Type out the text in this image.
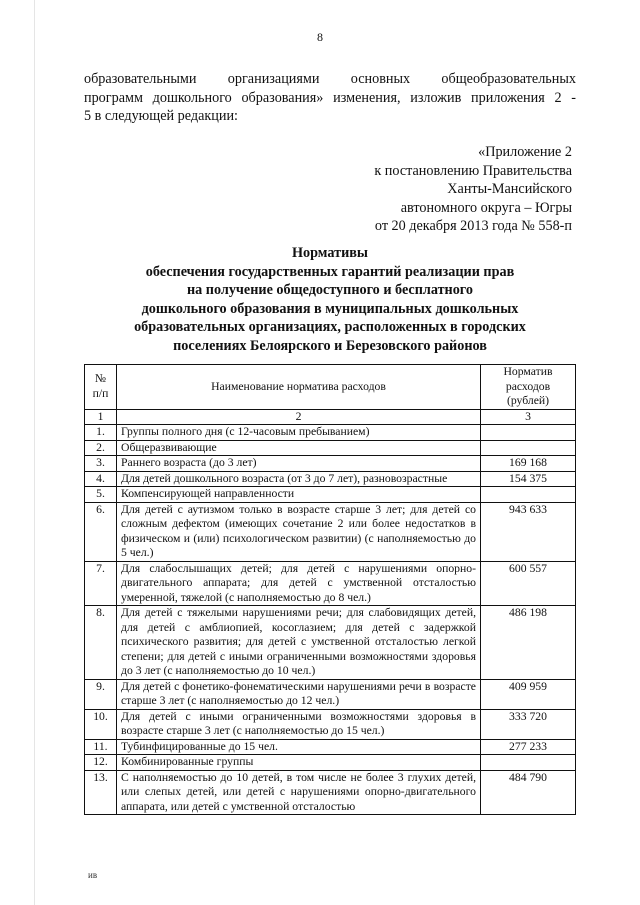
8
образовательными организациями основных общеобразовательных
программ дошкольного образования» изменения, изложив приложения 2 -
5 в следующей редакции:
«Приложение 2
к постановлению Правительства
Ханты-Мансийского
автономного округа – Югры
от 20 декабря 2013 года № 558-п
Нормативы
обеспечения государственных гарантий реализации прав
на получение общедоступного и бесплатного
дошкольного образования в муниципальных дошкольных
образовательных организациях, расположенных в городских
поселениях Белоярского и Березовского районов
№ п/п	Наименование норматива расходов	Норматив расходов (рублей)
1	2	3
1.	Группы полного дня (с 12-часовым пребыванием)	
2.	Общеразвивающие	
3.	Раннего возраста (до 3 лет)	169 168
4.	Для детей дошкольного возраста (от 3 до 7 лет), разновозрастные	154 375
5.	Компенсирующей направленности	
6.	Для детей с аутизмом только в возрасте старше 3 лет; для детей со сложным дефектом (имеющих сочетание 2 или более недостатков в физическом и (или) психологическом развитии) (с наполняемостью до 5 чел.)	943 633
7.	Для слабослышащих детей; для детей с нарушениями опорно-двигательного аппарата; для детей с умственной отсталостью умеренной, тяжелой (с наполняемостью до 8 чел.)	600 557
8.	Для детей с тяжелыми нарушениями речи; для слабовидящих детей, для детей с амблиопией, косоглазием; для детей с задержкой психического развития; для детей с умственной отсталостью легкой степени; для детей с иными ограниченными возможностями здоровья до 3 лет (с наполняемостью до 10 чел.)	486 198
9.	Для детей с фонетико-фонематическими нарушениями речи в возрасте старше 3 лет (с наполняемостью до 12 чел.)	409 959
10.	Для детей с иными ограниченными возможностями здоровья в возрасте старше 3 лет (с наполняемостью до 15 чел.)	333 720
11.	Тубинфицированные до 15 чел.	277 233
12.	Комбинированные группы	
13.	С наполняемостью до 10 детей, в том числе не более 3 глухих детей, или слепых детей, или детей с нарушениями опорно-двигательного аппарата, или детей с умственной отсталостью	484 790
ив
